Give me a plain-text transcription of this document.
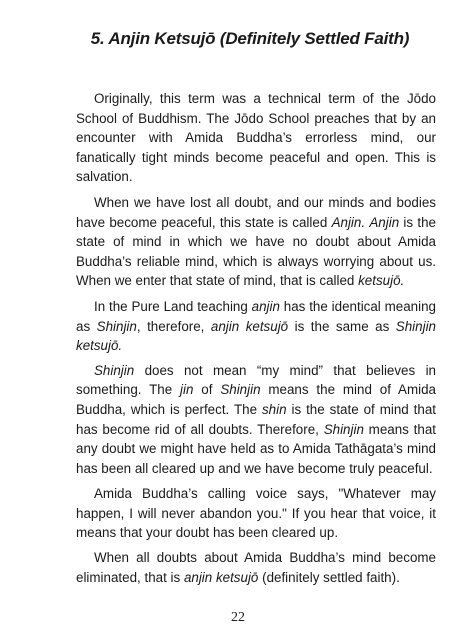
5. Anjin Ketsujō (Definitely Settled Faith)

Originally, this term was a technical term of the Jōdo School of Buddhism. The Jōdo School preaches that by an encounter with Amida Buddha’s errorless mind, our fanatically tight minds become peaceful and open. This is salvation.

When we have lost all doubt, and our minds and bodies have become peaceful, this state is called Anjin. Anjin is the state of mind in which we have no doubt about Amida Buddha’s reliable mind, which is always worrying about us. When we enter that state of mind, that is called ketsujō.

In the Pure Land teaching anjin has the identical meaning as Shinjin, therefore, anjin ketsujō is the same as Shinjin ketsujō.

Shinjin does not mean “my mind” that believes in something. The jin of Shinjin means the mind of Amida Buddha, which is perfect. The shin is the state of mind that has become rid of all doubts. Therefore, Shinjin means that any doubt we might have held as to Amida Tathāgata’s mind has been all cleared up and we have become truly peaceful.

Amida Buddha’s calling voice says, "Whatever may happen, I will never abandon you." If you hear that voice, it means that your doubt has been cleared up.

When all doubts about Amida Buddha’s mind become eliminated, that is anjin ketsujō (definitely settled faith).

22
